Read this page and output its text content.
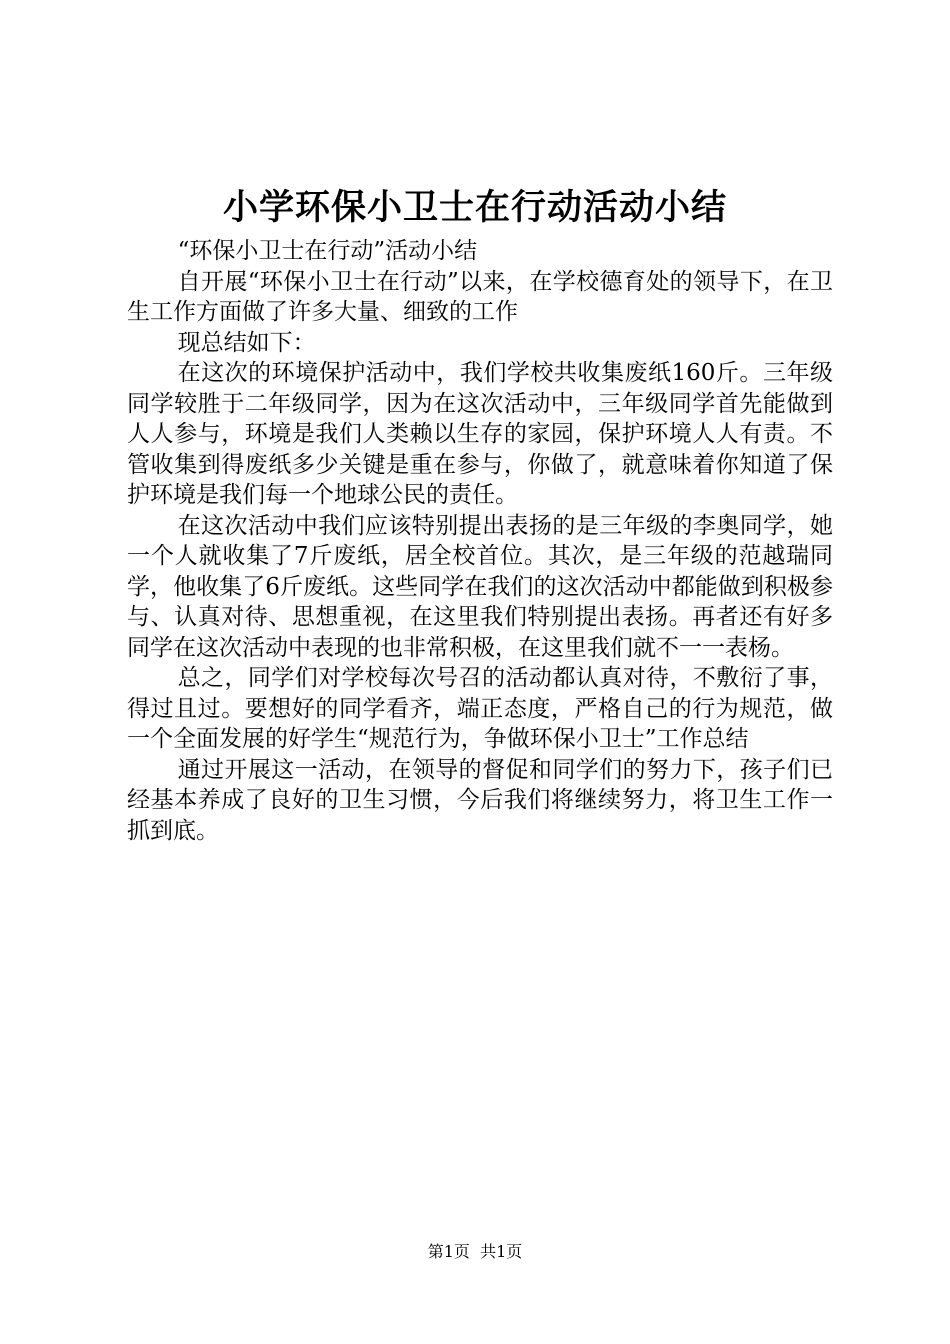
小学环保小卫士在行动活动小结

“环保小卫士在行动”活动小结

自开展“环保小卫士在行动”以来，在学校德育处的领导下，在卫生工作方面做了许多大量、细致的工作

现总结如下：

在这次的环境保护活动中，我们学校共收集废纸160斤。三年级同学较胜于二年级同学，因为在这次活动中，三年级同学首先能做到人人参与，环境是我们人类赖以生存的家园，保护环境人人有责。不管收集到得废纸多少关键是重在参与，你做了，就意味着你知道了保护环境是我们每一个地球公民的责任。

在这次活动中我们应该特别提出表扬的是三年级的李奥同学，她一个人就收集了7斤废纸，居全校首位。其次，是三年级的范越瑞同学，他收集了6斤废纸。这些同学在我们的这次活动中都能做到积极参与、认真对待、思想重视，在这里我们特别提出表扬。再者还有好多同学在这次活动中表现的也非常积极，在这里我们就不一一表杨。

总之，同学们对学校每次号召的活动都认真对待，不敷衍了事，得过且过。要想好的同学看齐，端正态度，严格自己的行为规范，做一个全面发展的好学生“规范行为，争做环保小卫士”工作总结

通过开展这一活动，在领导的督促和同学们的努力下，孩子们已经基本养成了良好的卫生习惯，今后我们将继续努力，将卫生工作一抓到底。

第1页  共1页
